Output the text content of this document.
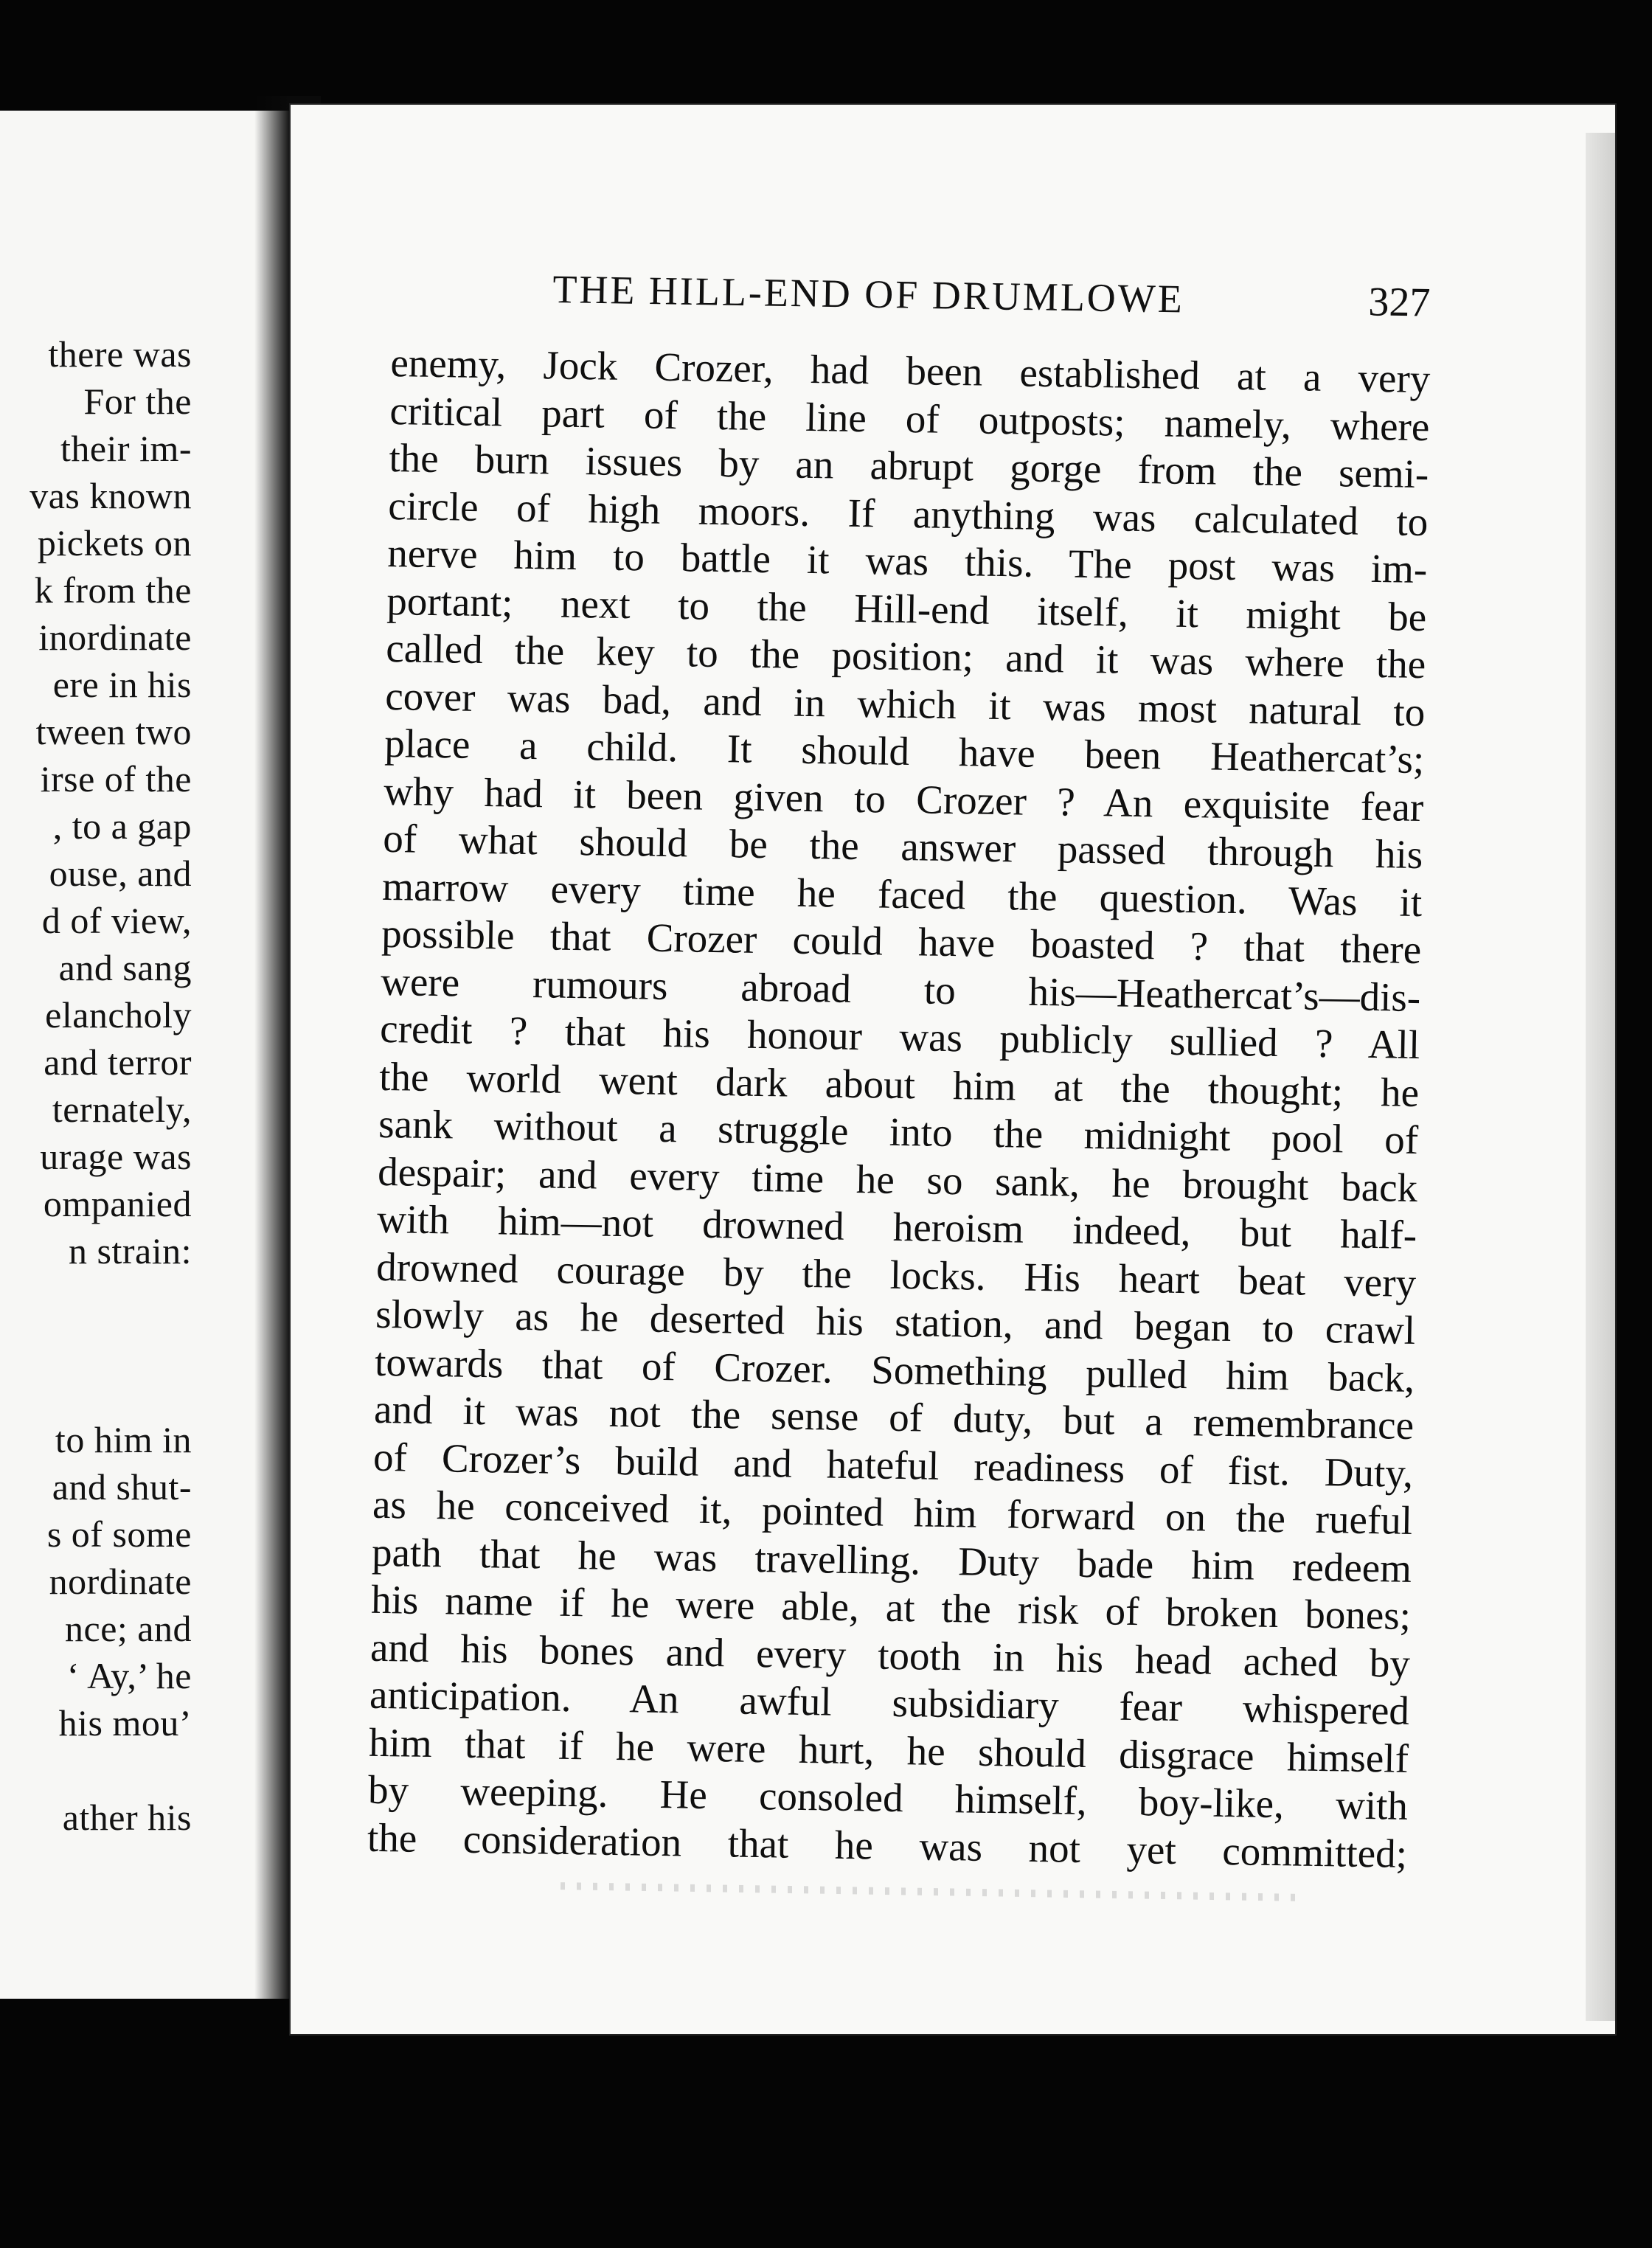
there was
For the
their im-
vas known
pickets on
k from the
inordinate
ere in his
tween two
irse of the
, to a gap
ouse, and
d of view,
and sang
elancholy
and terror
ternately,
urage was
ompanied
n strain:
to him in
and shut-
s of some
nordinate
nce; and
‘ Ay,’ he
his mou’
ather his
THE HILL-END OF DRUMLOWE	327
enemy, Jock Crozer, had been established at a very
critical part of the line of outposts; namely, where
the burn issues by an abrupt gorge from the semi-
circle of high moors. If anything was calculated to
nerve him to battle it was this. The post was im-
portant; next to the Hill-end itself, it might be
called the key to the position; and it was where the
cover was bad, and in which it was most natural to
place a child. It should have been Heathercat’s;
why had it been given to Crozer ? An exquisite fear
of what should be the answer passed through his
marrow every time he faced the question. Was it
possible that Crozer could have boasted ? that there
were rumours abroad to his—Heathercat’s—dis-
credit ? that his honour was publicly sullied ? All
the world went dark about him at the thought; he
sank without a struggle into the midnight pool of
despair; and every time he so sank, he brought back
with him—not drowned heroism indeed, but half-
drowned courage by the locks. His heart beat very
slowly as he deserted his station, and began to crawl
towards that of Crozer. Something pulled him back,
and it was not the sense of duty, but a remembrance
of Crozer’s build and hateful readiness of fist. Duty,
as he conceived it, pointed him forward on the rueful
path that he was travelling. Duty bade him redeem
his name if he were able, at the risk of broken bones;
and his bones and every tooth in his head ached by
anticipation. An awful subsidiary fear whispered
him that if he were hurt, he should disgrace himself
by weeping. He consoled himself, boy-like, with
the consideration that he was not yet committed;
